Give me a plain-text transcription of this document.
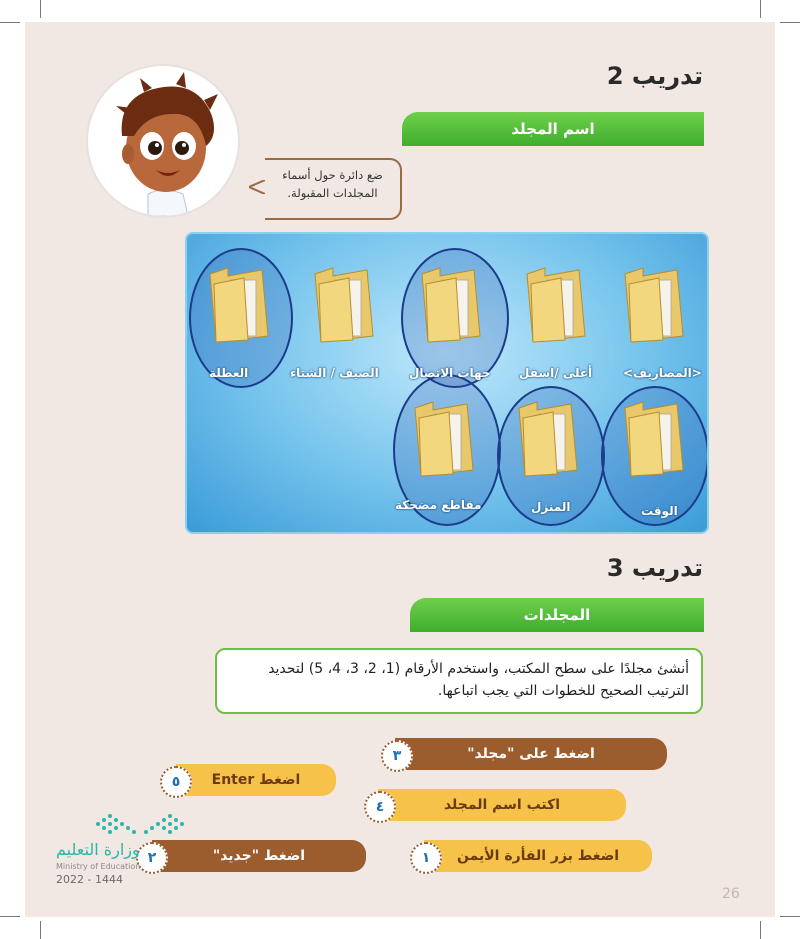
تدريب 2
اسم المجلد
ضع دائرة حول أسماء
المجلدات المقبولة.
العطلة	الصيف / الشتاء	جهات الاتصال أعلى /اسفل	<المصاريف>
مقاطع مضحكة	المنزل	الوقت
تدريب 3
المجلدات
أنشئ مجلدًا على سطح المكتب، واستخدم الأرقام (1، 2، 3، 4، 5) لتحديد
الترتيب الصحيح للخطوات التي يجب اتباعها.
اضغط على "مجلد"
٣
اضغط Enter
٥
اكتب اسم المجلد
٤
اضغط "جديد"
٢	اضغط بزر الفأرة الأيمن
١
وزارة التعليم
Ministry of Education
2022 - 1444
26
